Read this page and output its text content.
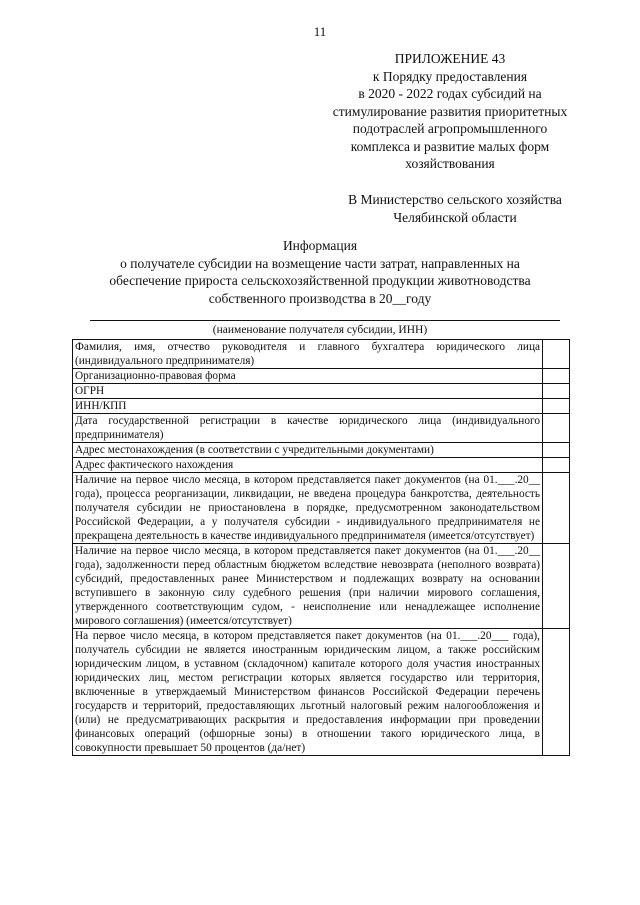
11
ПРИЛОЖЕНИЕ 43
к Порядку предоставления
в 2020 - 2022 годах субсидий на
стимулирование развития приоритетных
подотраслей агропромышленного
комплекса и развитие малых форм
хозяйствования
В Министерство сельского хозяйства
Челябинской области
Информация
о получателе субсидии на возмещение части затрат, направленных на
обеспечение прироста сельскохозяйственной продукции животноводства
собственного производства в 20__году
(наименование получателя субсидии, ИНН)
Фамилия, имя, отчество руководителя и главного бухгалтера юридического лица (индивидуального предпринимателя)	
Организационно-правовая форма	
ОГРН	
ИНН/КПП	
Дата государственной регистрации в качестве юридического лица (индивидуального предпринимателя)	
Адрес местонахождения (в соответствии с учредительными документами)	
Адрес фактического нахождения	
Наличие на первое число месяца, в котором представляется пакет документов (на 01.___.20__ года), процесса реорганизации, ликвидации, не введена процедура банкротства, деятельность получателя субсидии не приостановлена в порядке, предусмотренном законодательством Российской Федерации, а у получателя субсидии - индивидуального предпринимателя не прекращена деятельность в качестве индивидуального предпринимателя (имеется/отсутствует)	
Наличие на первое число месяца, в котором представляется пакет документов (на 01.___.20__ года), задолженности перед областным бюджетом вследствие невозврата (неполного возврата) субсидий, предоставленных ранее Министерством и подлежащих возврату на основании вступившего в законную силу судебного решения (при наличии мирового соглашения, утвержденного соответствующим судом, - неисполнение или ненадлежащее исполнение мирового соглашения) (имеется/отсутствует)	
На первое число месяца, в котором представляется пакет документов (на 01.___.20___ года), получатель субсидии не является иностранным юридическим лицом, а также российским юридическим лицом, в уставном (складочном) капитале которого доля участия иностранных юридических лиц, местом регистрации которых является государство или территория, включенные в утверждаемый Министерством финансов Российской Федерации перечень государств и территорий, предоставляющих льготный налоговый режим налогообложения и (или) не предусматривающих раскрытия и предоставления информации при проведении финансовых операций (офшорные зоны) в отношении такого юридического лица, в совокупности превышает 50 процентов (да/нет)	
